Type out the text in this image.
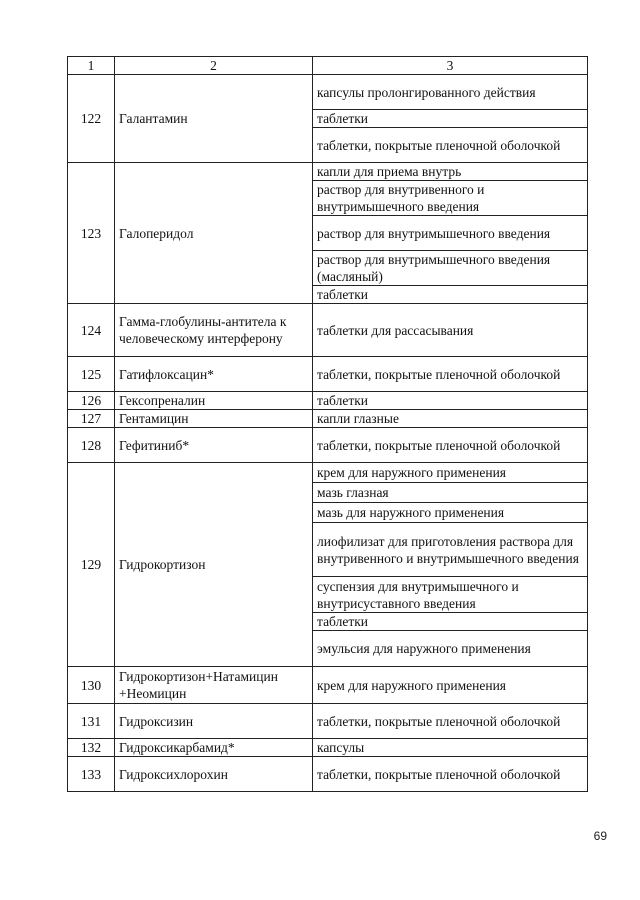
1	2	3
122	Галантамин	капсулы пролонгированного действия
		таблетки
		таблетки, покрытые пленочной оболочкой
123	Галоперидол	капли для приема внутрь
		раствор для внутривенного и внутримышечного введения
		раствор для внутримышечного введения
		раствор для внутримышечного введения (масляный)
		таблетки
124	Гамма-глобулины-антитела к человеческому интерферону	таблетки для рассасывания
125	Гатифлоксацин*	таблетки, покрытые пленочной оболочкой
126	Гексопреналин	таблетки
127	Гентамицин	капли глазные
128	Гефитиниб*	таблетки, покрытые пленочной оболочкой
129	Гидрокортизон	крем для наружного применения
		мазь глазная
		мазь для наружного применения
		лиофилизат для приготовления раствора для внутривенного и внутримышечного введения
		суспензия для внутримышечного и внутрисуставного введения
		таблетки
		эмульсия для наружного применения
130	Гидрокортизон+Натамицин +Неомицин	крем для наружного применения
131	Гидроксизин	таблетки, покрытые пленочной оболочкой
132	Гидроксикарбамид*	капсулы
133	Гидроксихлорохин	таблетки, покрытые пленочной оболочкой
69
